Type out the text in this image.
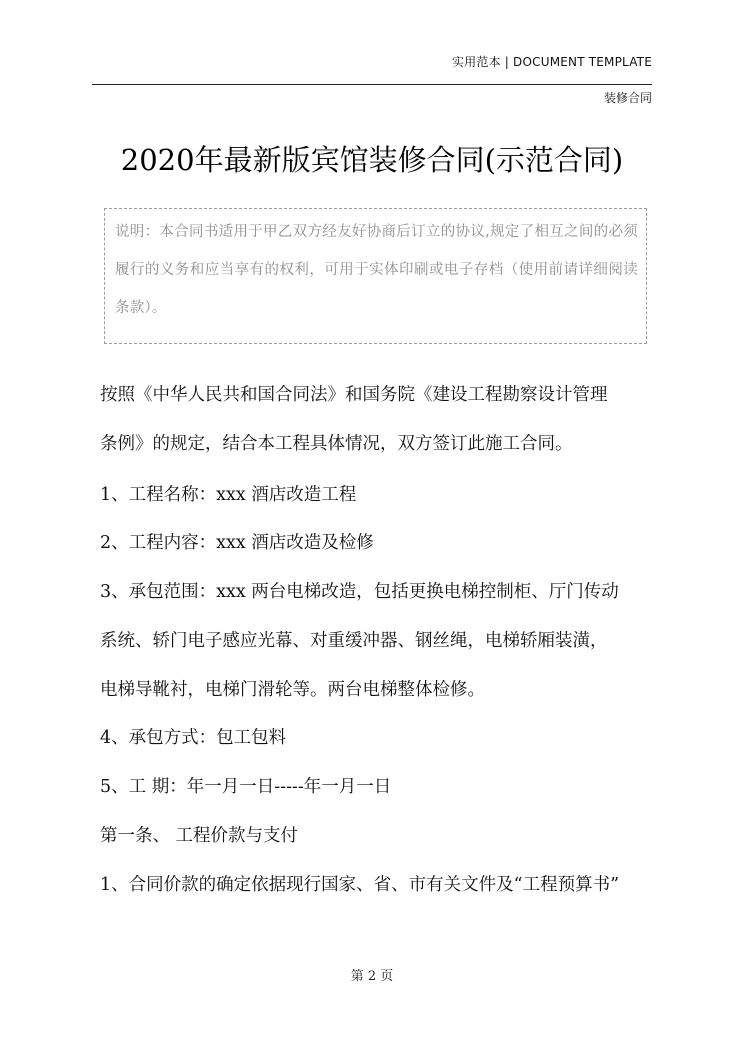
实用范本 | DOCUMENT TEMPLATE
装修合同
2020年最新版宾馆装修合同(示范合同)
说明：本合同书适用于甲乙双方经友好协商后订立的协议,规定了相互之间的必须履行的义务和应当享有的权利，可用于实体印刷或电子存档（使用前请详细阅读条款）。
按照《中华人民共和国合同法》和国务院《建设工程勘察设计管理
条例》的规定，结合本工程具体情况，双方签订此施工合同。
1、工程名称：xxx 酒店改造工程
2、工程内容：xxx 酒店改造及检修
3、承包范围：xxx 两台电梯改造，包括更换电梯控制柜、厅门传动
系统、轿门电子感应光幕、对重缓冲器、钢丝绳，电梯轿厢装潢，
电梯导靴衬，电梯门滑轮等。两台电梯整体检修。
4、承包方式：包工包料
5、工 期：年一月一日-----年一月一日
第一条、 工程价款与支付
1、合同价款的确定依据现行国家、省、市有关文件及“工程预算书”
第 2 页
